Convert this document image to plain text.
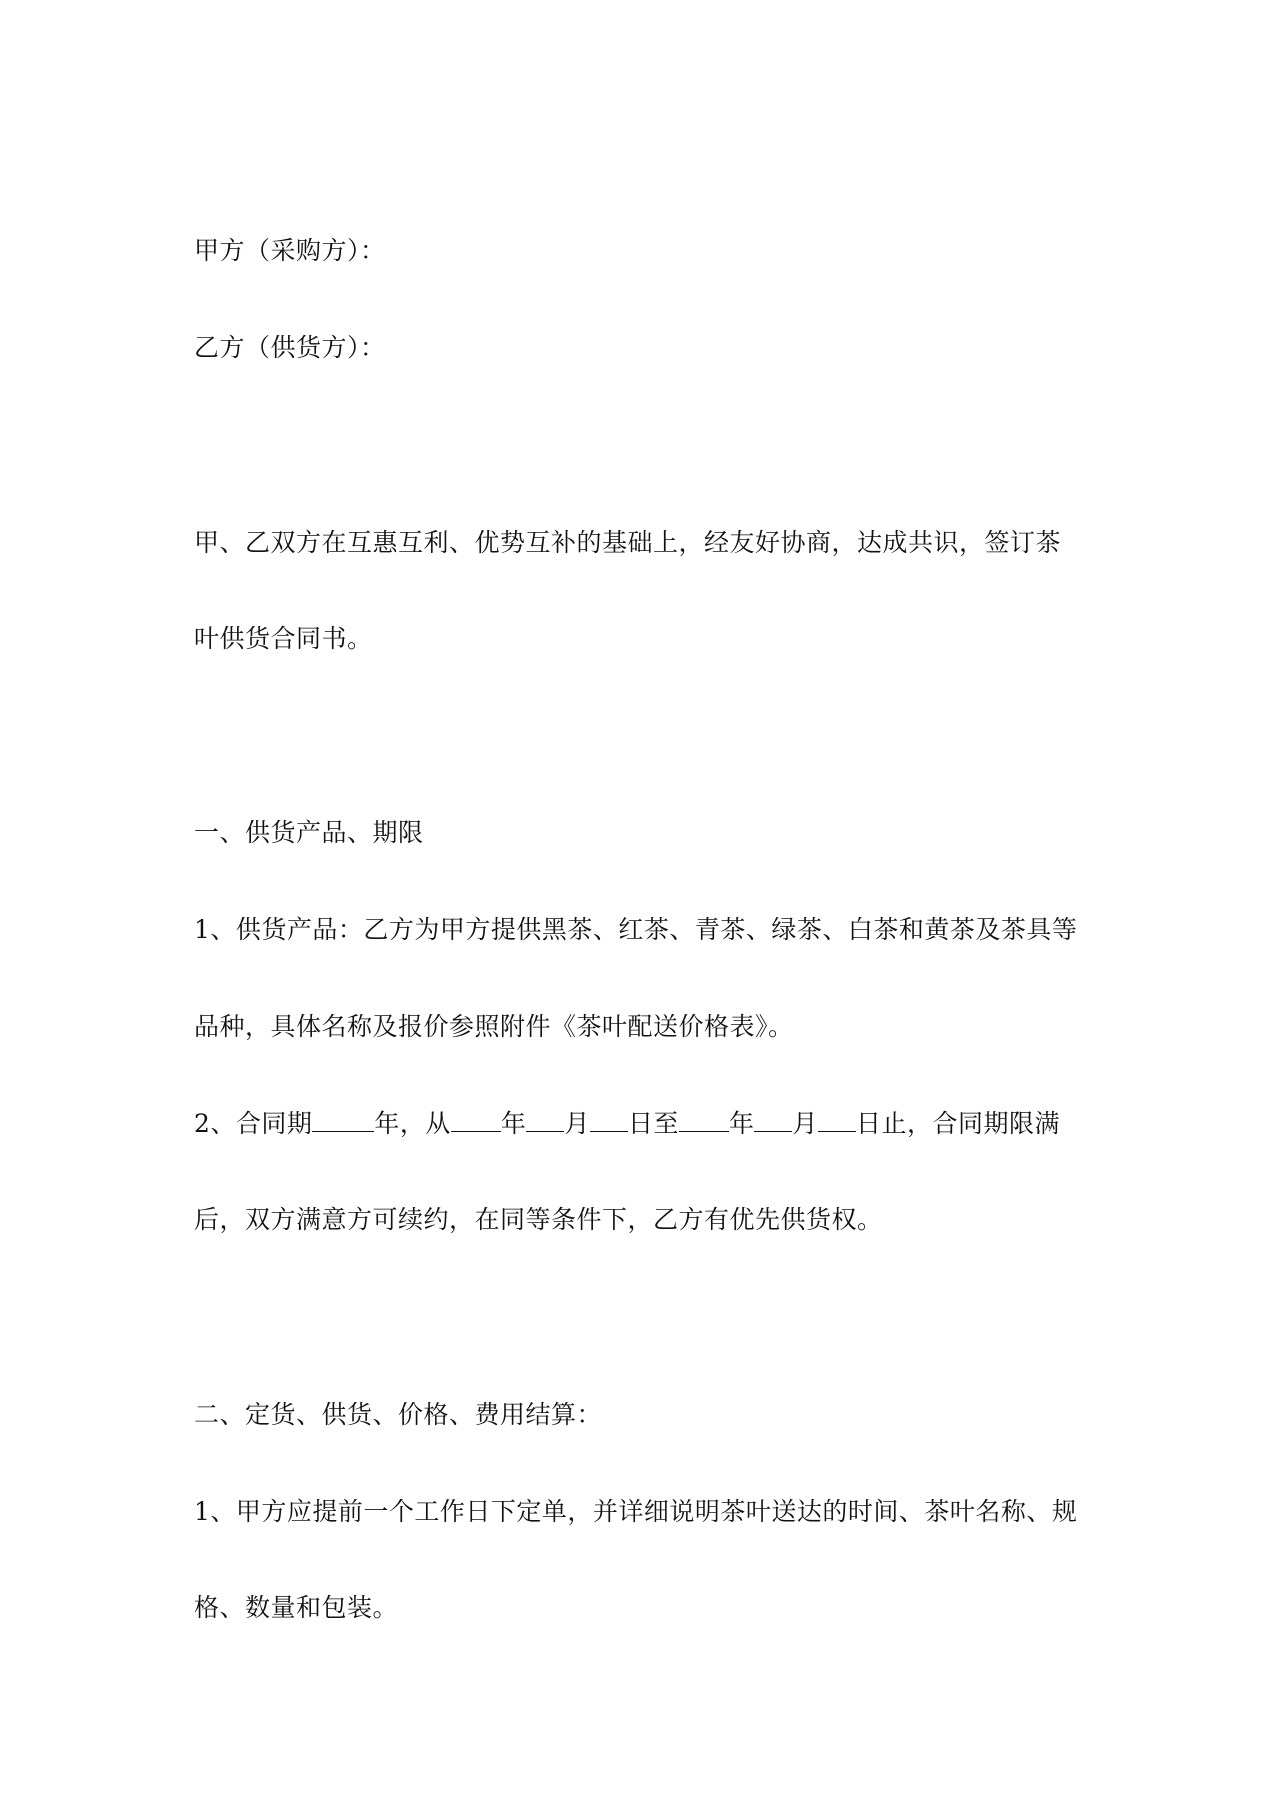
甲方（采购方）：
乙方（供货方）：
甲、乙双方在互惠互利、优势互补的基础上，经友好协商，达成共识，签订茶
叶供货合同书。
一、供货产品、期限
1、供货产品：乙方为甲方提供黑茶、红茶、青茶、绿茶、白茶和黄茶及茶具等
品种，具体名称及报价参照附件《茶叶配送价格表》。
2、合同期 年，从 年 月 日至 年 月 日止，合同期限满
后，双方满意方可续约，在同等条件下，乙方有优先供货权。
二、定货、供货、价格、费用结算：
1、甲方应提前一个工作日下定单，并详细说明茶叶送达的时间、茶叶名称、规
格、数量和包装。
